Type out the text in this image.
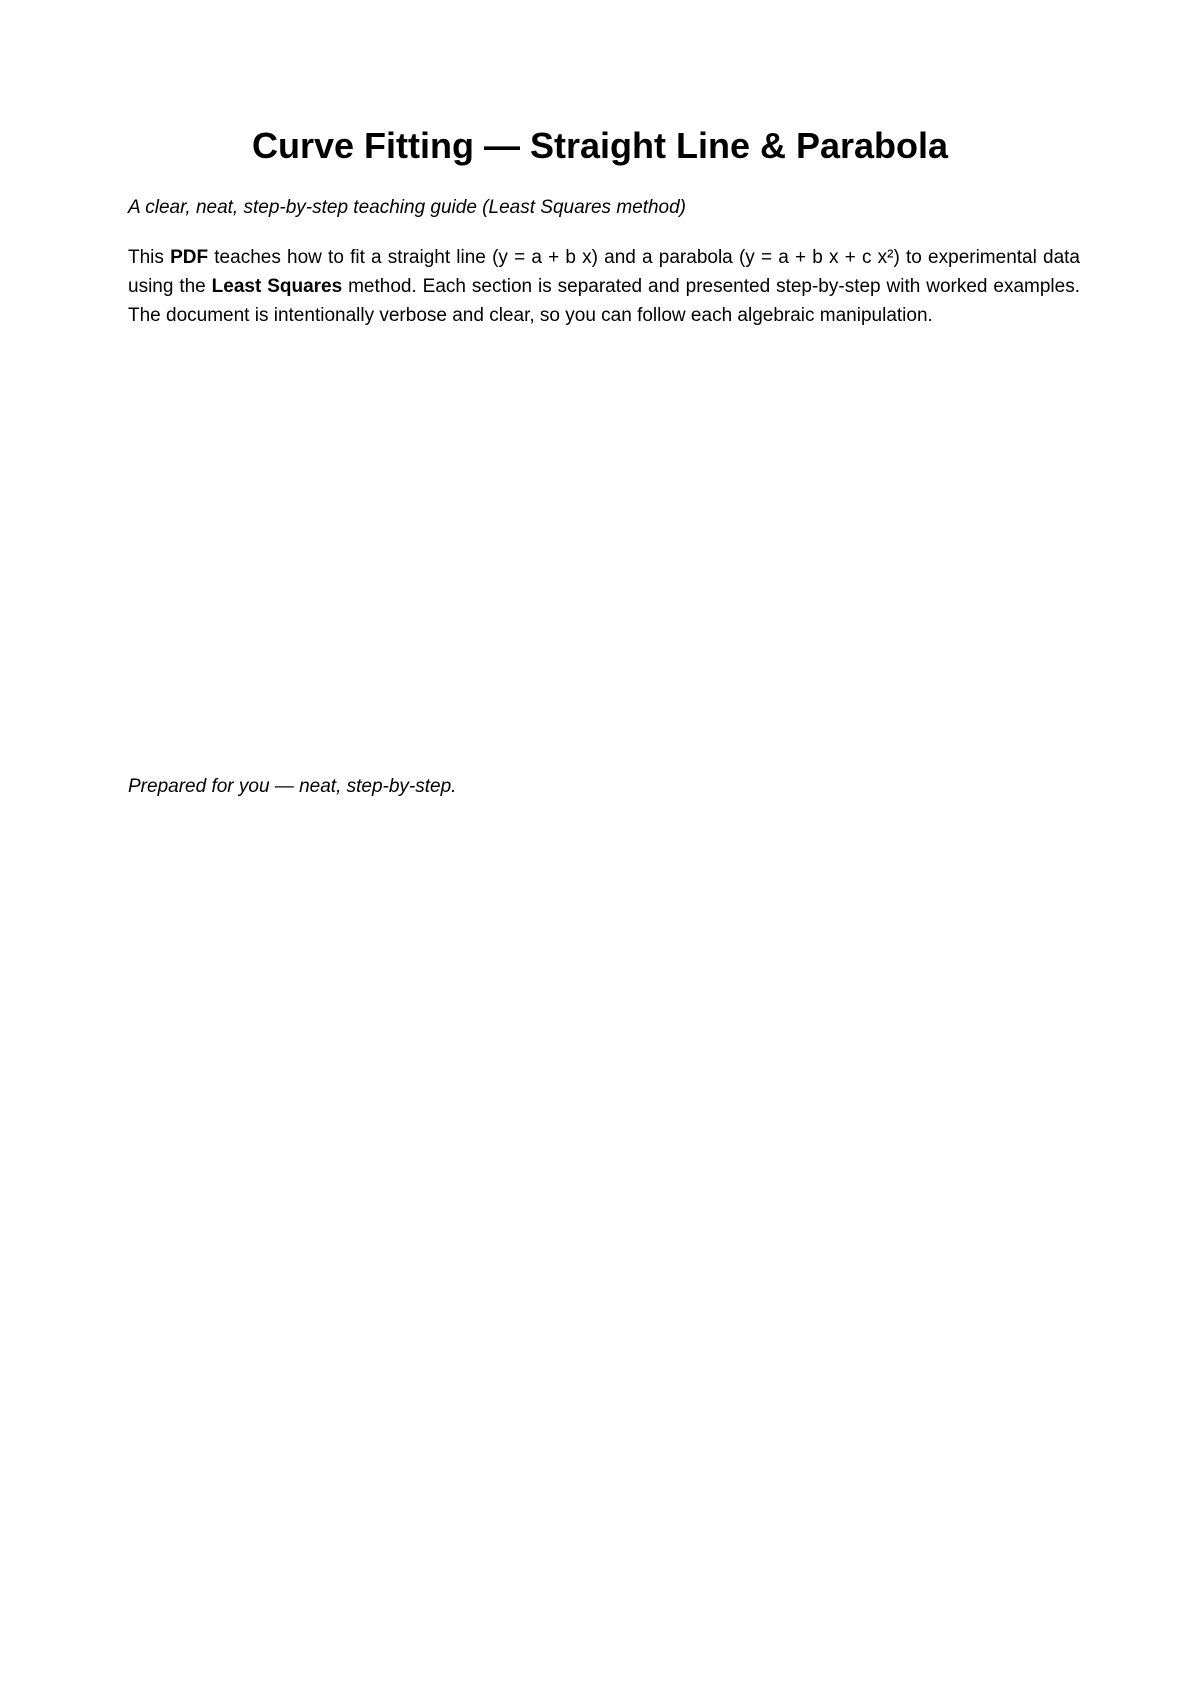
Curve Fitting — Straight Line & Parabola

A clear, neat, step-by-step teaching guide (Least Squares method)

This PDF teaches how to fit a straight line (y = a + b x) and a parabola (y = a + b x + c x²) to experimental data using the Least Squares method. Each section is separated and presented step-by-step with worked examples. The document is intentionally verbose and clear, so you can follow each algebraic manipulation.

Prepared for you — neat, step-by-step.
